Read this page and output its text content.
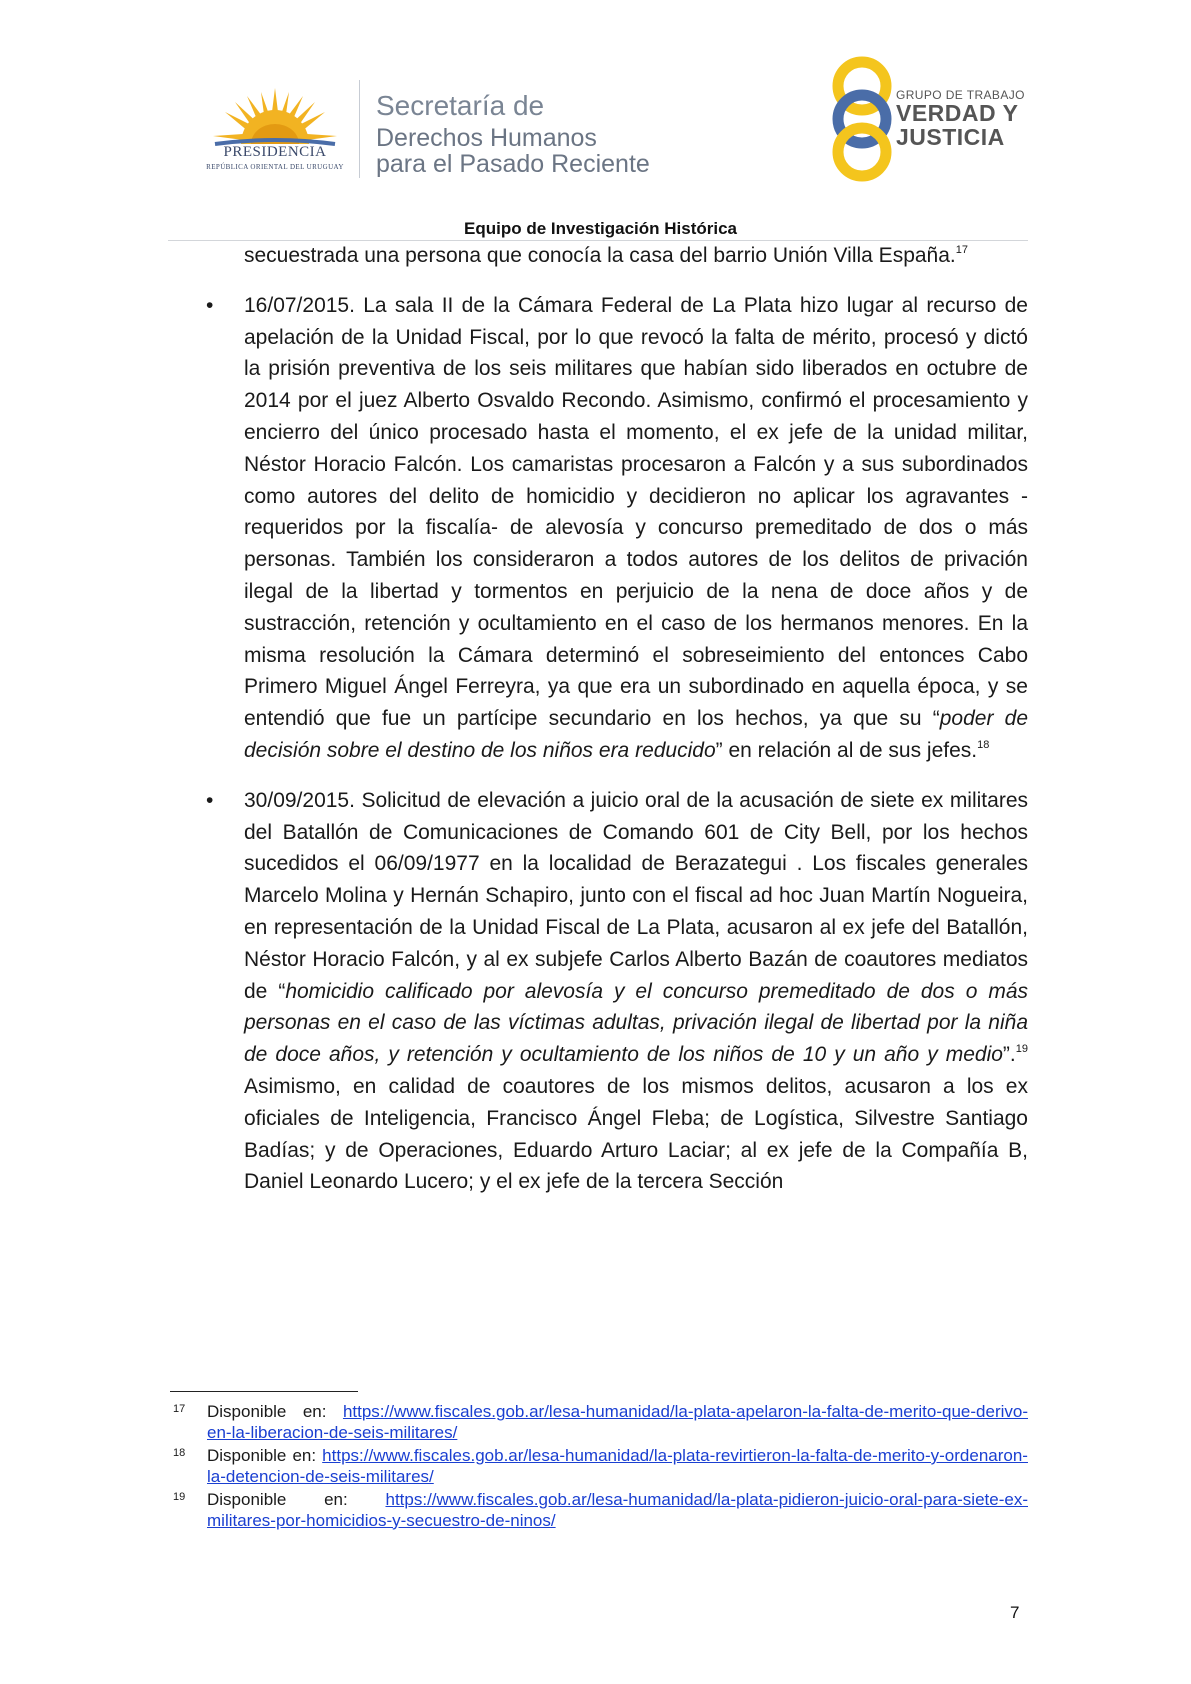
PRESIDENCIA
REPÚBLICA ORIENTAL DEL URUGUAY
Secretaría de
Derechos Humanos
para el Pasado Reciente
GRUPO DE TRABAJO
VERDAD Y
JUSTICIA
Equipo de Investigación Histórica

secuestrada una persona que conocía la casa del barrio Unión Villa España.$^{17}$

• 16/07/2015. La sala II de la Cámara Federal de La Plata hizo lugar al recurso de apelación de la Unidad Fiscal, por lo que revocó la falta de mérito, procesó y dictó la prisión preventiva de los seis militares que habían sido liberados en octubre de 2014 por el juez Alberto Osvaldo Recondo. Asimismo, confirmó el procesamiento y encierro del único procesado hasta el momento, el ex jefe de la unidad militar, Néstor Horacio Falcón. Los camaristas procesaron a Falcón y a sus subordinados como autores del delito de homicidio y decidieron no aplicar los agravantes -requeridos por la fiscalía- de alevosía y concurso premeditado de dos o más personas. También los consideraron a todos autores de los delitos de privación ilegal de la libertad y tormentos en perjuicio de la nena de doce años y de sustracción, retención y ocultamiento en el caso de los hermanos menores. En la misma resolución la Cámara determinó el sobreseimiento del entonces Cabo Primero Miguel Ángel Ferreyra, ya que era un subordinado en aquella época, y se entendió que fue un partícipe secundario en los hechos, ya que su “poder de decisión sobre el destino de los niños era reducido” en relación al de sus jefes.$^{18}$

• 30/09/2015. Solicitud de elevación a juicio oral de la acusación de siete ex militares del Batallón de Comunicaciones de Comando 601 de City Bell, por los hechos sucedidos el 06/09/1977 en la localidad de Berazategui . Los fiscales generales Marcelo Molina y Hernán Schapiro, junto con el fiscal ad hoc Juan Martín Nogueira, en representación de la Unidad Fiscal de La Plata, acusaron al ex jefe del Batallón, Néstor Horacio Falcón, y al ex subjefe Carlos Alberto Bazán de coautores mediatos de “homicidio calificado por alevosía y el concurso premeditado de dos o más personas en el caso de las víctimas adultas, privación ilegal de libertad por la niña de doce años, y retención y ocultamiento de los niños de 10 y un año y medio”.$^{19}$ Asimismo, en calidad de coautores de los mismos delitos, acusaron a los ex oficiales de Inteligencia, Francisco Ángel Fleba; de Logística, Silvestre Santiago Badías; y de Operaciones, Eduardo Arturo Laciar; al ex jefe de la Compañía B, Daniel Leonardo Lucero; y el ex jefe de la tercera Sección

17 Disponible en: https://www.fiscales.gob.ar/lesa-humanidad/la-plata-apelaron-la-falta-de-merito-que-derivo-en-la-liberacion-de-seis-militares/
18 Disponible en: https://www.fiscales.gob.ar/lesa-humanidad/la-plata-revirtieron-la-falta-de-merito-y-ordenaron-la-detencion-de-seis-militares/
19 Disponible en: https://www.fiscales.gob.ar/lesa-humanidad/la-plata-pidieron-juicio-oral-para-siete-ex-militares-por-homicidios-y-secuestro-de-ninos/
7
